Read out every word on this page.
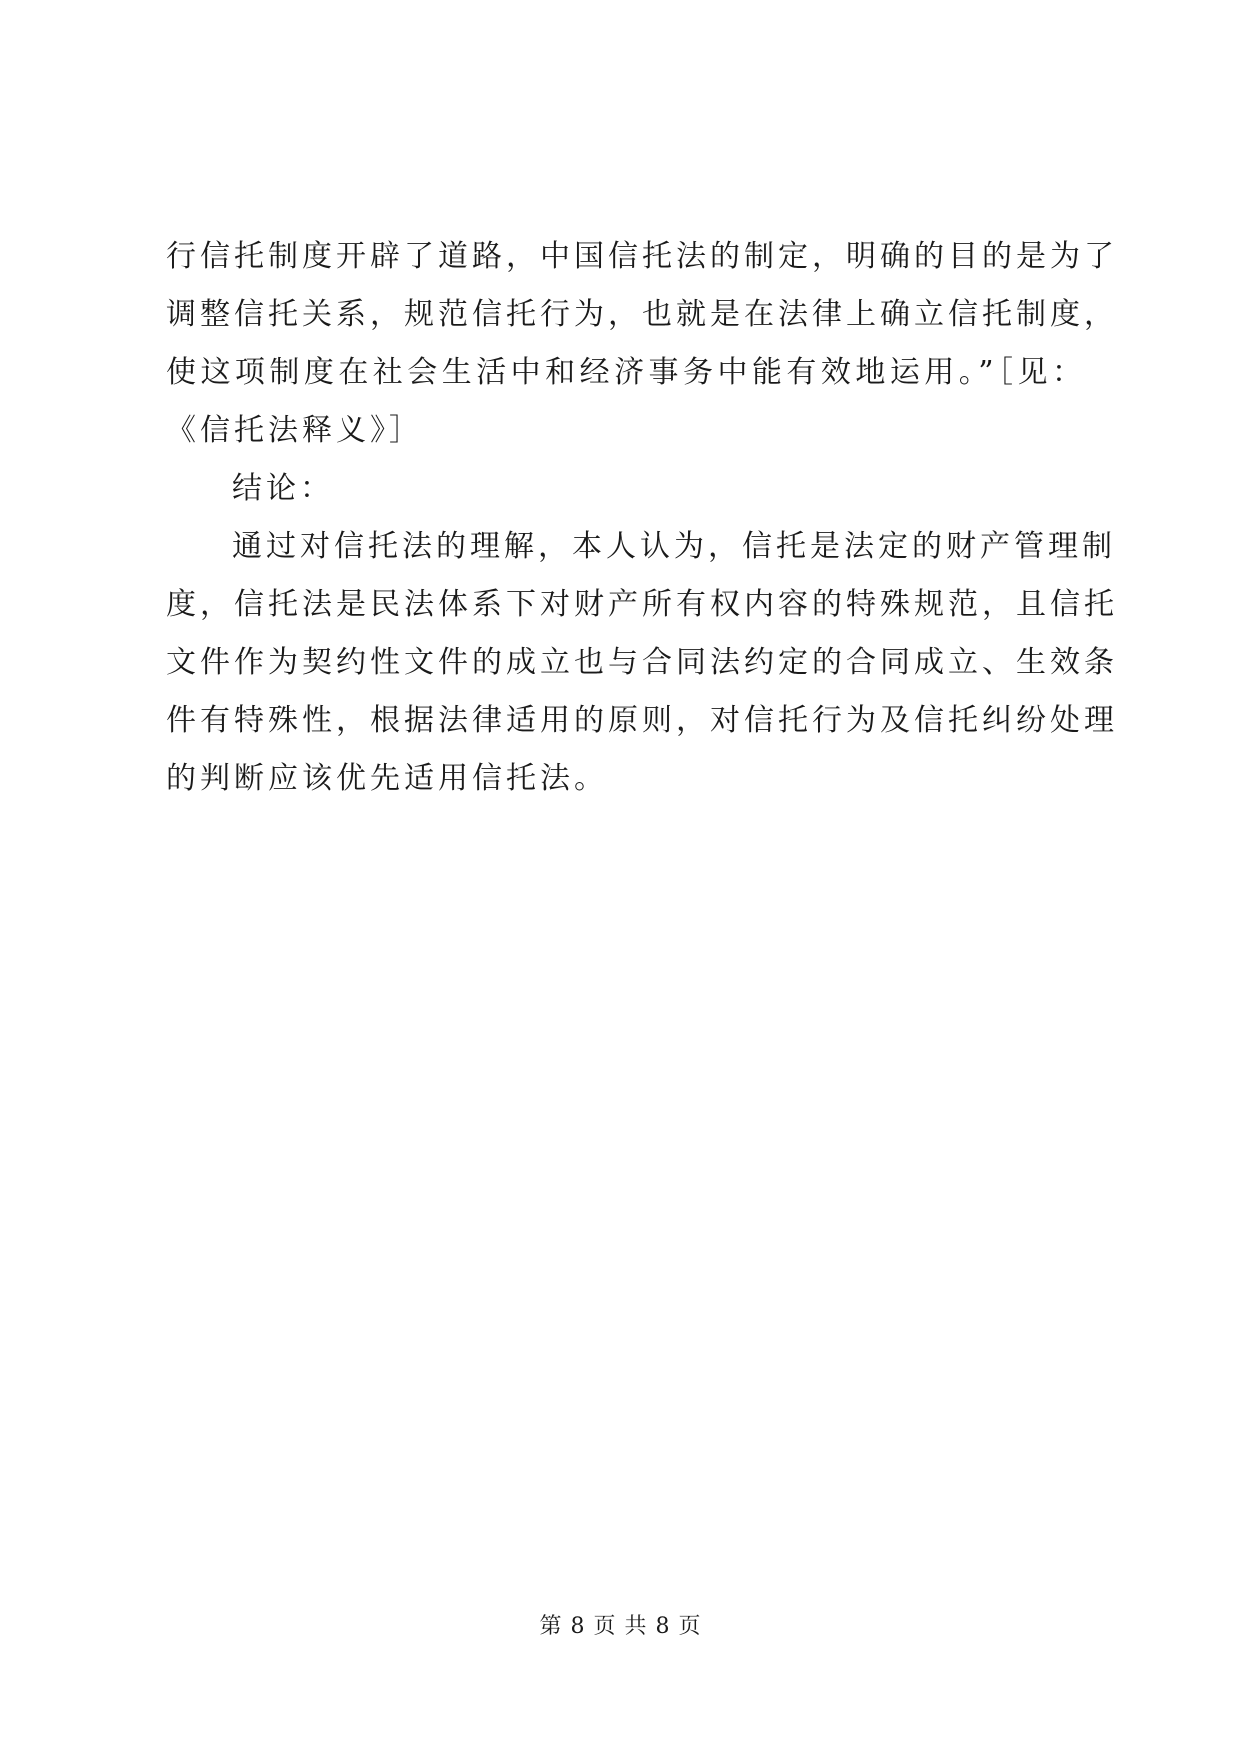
行信托制度开辟了道路，中国信托法的制定，明确的目的是为了
调整信托关系，规范信托行为，也就是在法律上确立信托制度，
使这项制度在社会生活中和经济事务中能有效地运用。”［见：
《信托法释义》］
结论：
通过对信托法的理解，本人认为，信托是法定的财产管理制
度，信托法是民法体系下对财产所有权内容的特殊规范，且信托
文件作为契约性文件的成立也与合同法约定的合同成立、生效条
件有特殊性，根据法律适用的原则，对信托行为及信托纠纷处理
的判断应该优先适用信托法。
第 8 页 共 8 页
